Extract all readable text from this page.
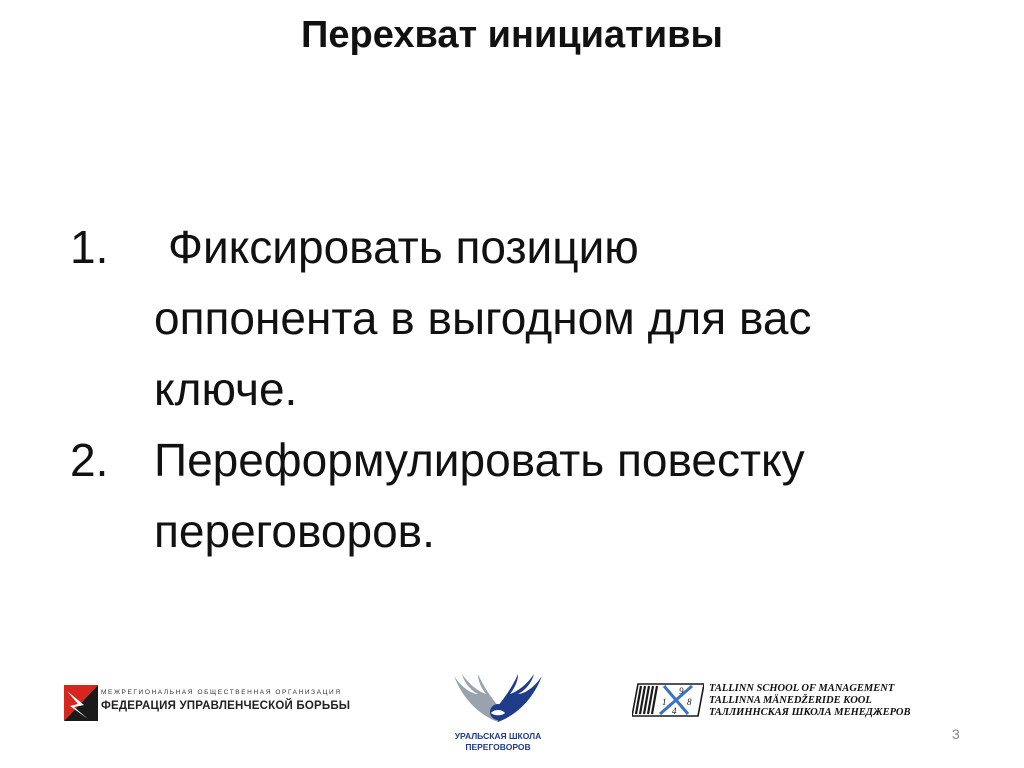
Перехват инициативы
1.	Фиксировать позицию
оппонента в выгодном для вас
ключе.
2. Переформулировать повестку
переговоров.
МЕЖРЕГИОНАЛЬНАЯ ОБЩЕСТВЕННАЯ ОРГАНИЗАЦИЯ
ФЕДЕРАЦИЯ УПРАВЛЕНЧЕСКОЙ БОРЬБЫ
УРАЛЬСКАЯ ШКОЛА
ПЕРЕГОВОРОВ
1
9
4
8
TALLINN SCHOOL OF MANAGEMENT
TALLINNA MÄNEDŽERIDE KOOL
ТАЛЛИННСКАЯ ШКОЛА МЕНЕДЖЕРОВ
3
